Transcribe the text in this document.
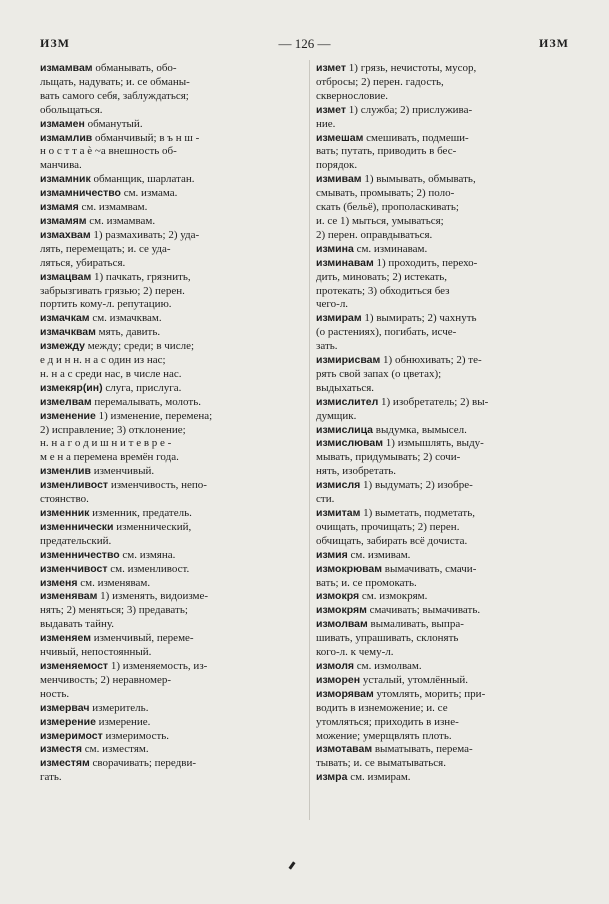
ИЗМ	— 126 —	ИЗМ
измамвам обманывать, обо-
льщать, надувать; и. се обманы-
вать самого себя, заблуждаться;
обольщаться.
измамен обманутый.
измамлив обманчивый; в ъ н ш -
н о с т т а ѐ ~а внешность об-
манчива.
измамник обманщик, шарлатан.
измамничество см. измама.
измамя см. измамвам.
измамям см. измамвам.
измахвам 1) размахивать; 2) уда-
лять, перемещать; и. се уда-
ляться, убираться.
измацвам 1) пачкать, грязнить,
забрызгивать грязью; 2) перен.
портить кому-л. репутацию.
измачкам см. измачквам.
измачквам мять, давить.
измежду между; среди; в числе;
е д и н н. н а с один из нас;
н. н а с среди нас, в числе нас.
измекяр(ин) слуга, прислуга.
измелвам перемалывать, молоть.
изменение 1) изменение, перемена;
2) исправление; 3) отклонение;
н. н а г о д и ш н и т е в р е -
м е н а перемена времён года.
изменлив изменчивый.
изменливост изменчивость, непо-
стоянство.
изменник изменник, предатель.
изменнически изменнический,
предательский.
изменничество см. измяна.
изменчивост см. изменливост.
изменя см. изменявам.
изменявам 1) изменять, видоизме-
нять; 2) меняться; 3) предавать;
выдавать тайну.
изменяем изменчивый, переме-
нчивый, непостоянный.
изменяемост 1) изменяемость, из-
менчивость; 2) неравномер-
ность.
измервач измеритель.
измерение измерение.
измеримост измеримость.
изместя см. изместям.
изместям сворачивать; передви-
гать.
измет 1) грязь, нечистоты, мусор,
отбросы; 2) перен. гадость,
сквернословие.
измет 1) служба; 2) прислужива-
ние.
измешам смешивать, подмеши-
вать; путать, приводить в бес-
порядок.
измивам 1) вымывать, обмывать,
смывать, промывать; 2) поло-
скать (бельё), прополаскивать;
и. се 1) мыться, умываться;
2) перен. оправдываться.
измина см. изминавам.
изминавам 1) проходить, перехо-
дить, миновать; 2) истекать,
протекать; 3) обходиться без
чего-л.
измирам 1) вымирать; 2) чахнуть
(о растениях), погибать, исче-
зать.
измирисвам 1) обнюхивать; 2) те-
рять свой запах (о цветах);
выдыхаться.
измислител 1) изобретатель; 2) вы-
думщик.
измислица выдумка, вымысел.
измислювам 1) измышлять, выду-
мывать, придумывать; 2) сочи-
нять, изобретать.
измисля 1) выдумать; 2) изобре-
сти.
измитам 1) выметать, подметать,
очищать, прочищать; 2) перен.
обчищать, забирать всё дочиста.
измия см. измивам.
измокрювам вымачивать, смачи-
вать; и. се промокать.
измокря см. измокрям.
измокрям смачивать; вымачивать.
измолвам вымаливать, выпра-
шивать, упрашивать, склонять
кого-л. к чему-л.
измоля см. измолвам.
изморен усталый, утомлённый.
изморявам утомлять, морить; при-
водить в изнеможение; и. се
утомляться; приходить в изне-
можение; умерщвлять плоть.
измотавам выматывать, перема-
тывать; и. се выматываться.
измра см. измирам.
